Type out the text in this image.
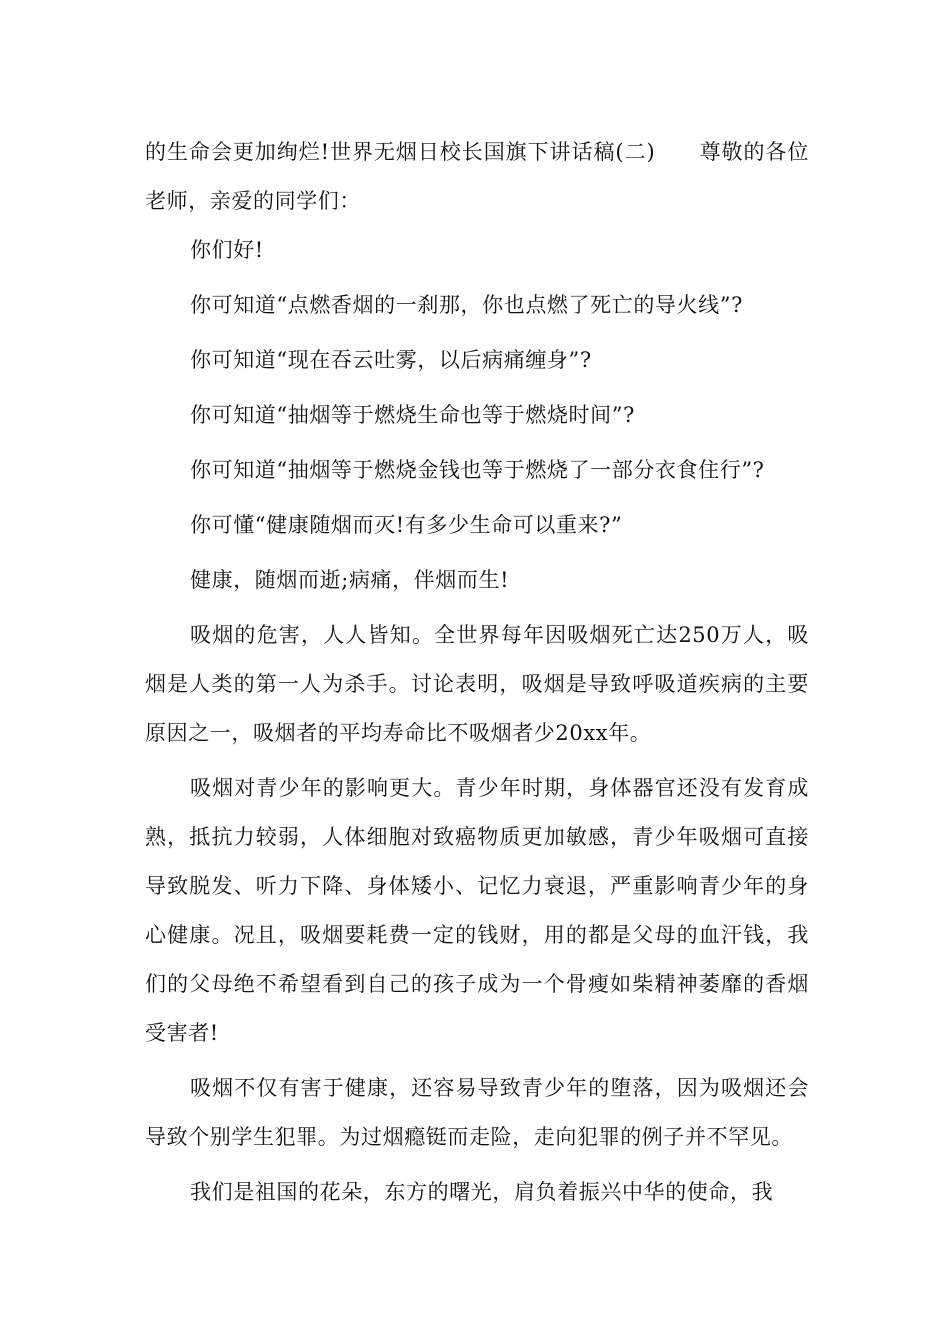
的生命会更加绚烂!世界无烟日校长国旗下讲话稿(二)　　尊敬的各位老师，亲爱的同学们：

你们好!

你可知道“点燃香烟的一刹那，你也点燃了死亡的导火线”?

你可知道“现在吞云吐雾，以后病痛缠身”?

你可知道“抽烟等于燃烧生命也等于燃烧时间”?

你可知道“抽烟等于燃烧金钱也等于燃烧了一部分衣食住行”?

你可懂“健康随烟而灭!有多少生命可以重来?”

健康，随烟而逝;病痛，伴烟而生!

吸烟的危害，人人皆知。全世界每年因吸烟死亡达250万人，吸烟是人类的第一人为杀手。讨论表明，吸烟是导致呼吸道疾病的主要原因之一，吸烟者的平均寿命比不吸烟者少20xx年。

吸烟对青少年的影响更大。青少年时期，身体器官还没有发育成熟，抵抗力较弱，人体细胞对致癌物质更加敏感，青少年吸烟可直接导致脱发、听力下降、身体矮小、记忆力衰退，严重影响青少年的身心健康。况且，吸烟要耗费一定的钱财，用的都是父母的血汗钱，我们的父母绝不希望看到自己的孩子成为一个骨瘦如柴精神萎靡的香烟受害者!

吸烟不仅有害于健康，还容易导致青少年的堕落，因为吸烟还会导致个别学生犯罪。为过烟瘾铤而走险，走向犯罪的例子并不罕见。

我们是祖国的花朵，东方的曙光，肩负着振兴中华的使命，我
